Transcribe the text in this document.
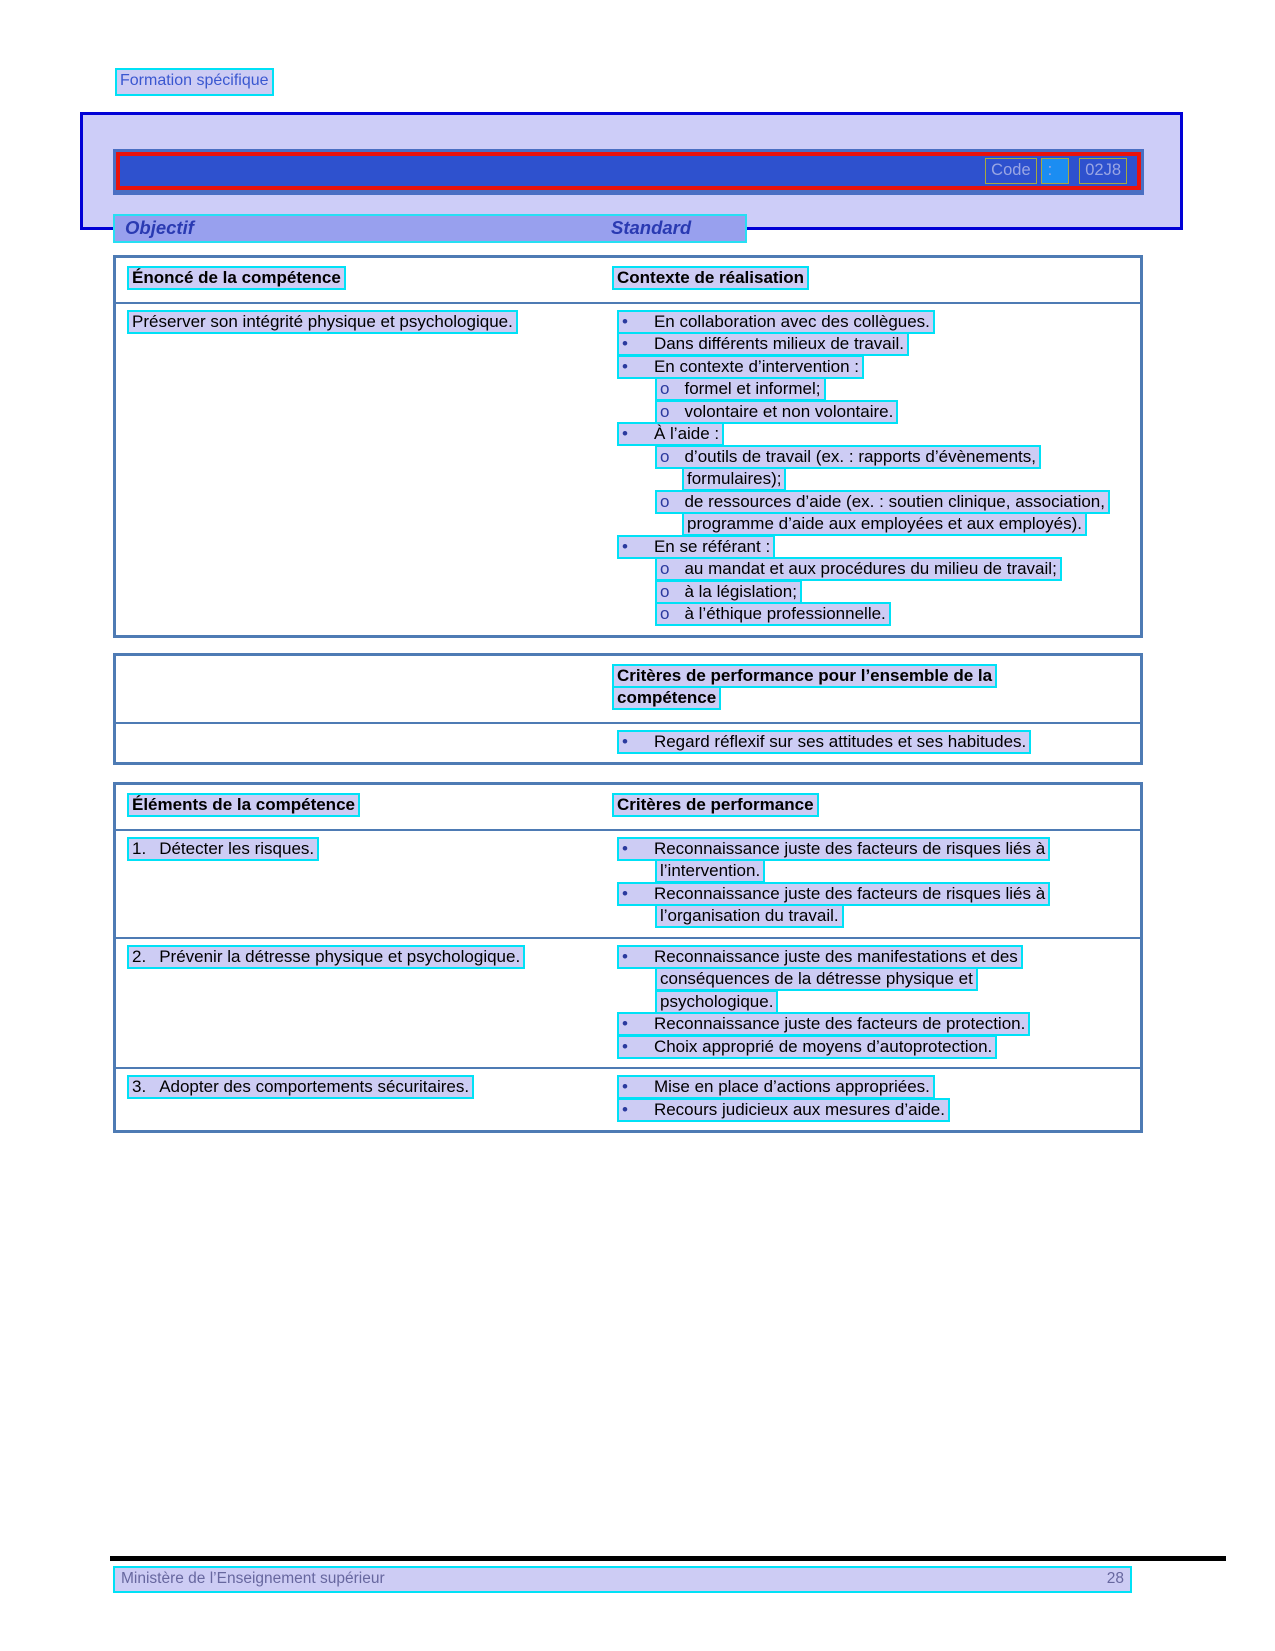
Formation spécifique
Code	:	02J8
Objectif	Standard
Énoncé de la compétence	Contexte de réalisation
Préserver son intégrité physique et psychologique.	• En collaboration avec des collègues.
• Dans différents milieux de travail.
• En contexte d’intervention :
o formel et informel;
o volontaire et non volontaire.
• À l’aide :
o d’outils de travail (ex. : rapports d’évènements, formulaires);
o de ressources d’aide (ex. : soutien clinique, association, programme d’aide aux employées et aux employés).
• En se référant :
o au mandat et aux procédures du milieu de travail;
o à la législation;
o à l’éthique professionnelle.
Critères de performance pour l’ensemble de la compétence
• Regard réflexif sur ses attitudes et ses habitudes.
Éléments de la compétence	Critères de performance
1. Détecter les risques.	• Reconnaissance juste des facteurs de risques liés à l’intervention.
• Reconnaissance juste des facteurs de risques liés à l’organisation du travail.
2. Prévenir la détresse physique et psychologique.	• Reconnaissance juste des manifestations et des conséquences de la détresse physique et psychologique.
• Reconnaissance juste des facteurs de protection.
• Choix approprié de moyens d’autoprotection.
3. Adopter des comportements sécuritaires.	• Mise en place d’actions appropriées.
• Recours judicieux aux mesures d’aide.
Ministère de l’Enseignement supérieur	28
